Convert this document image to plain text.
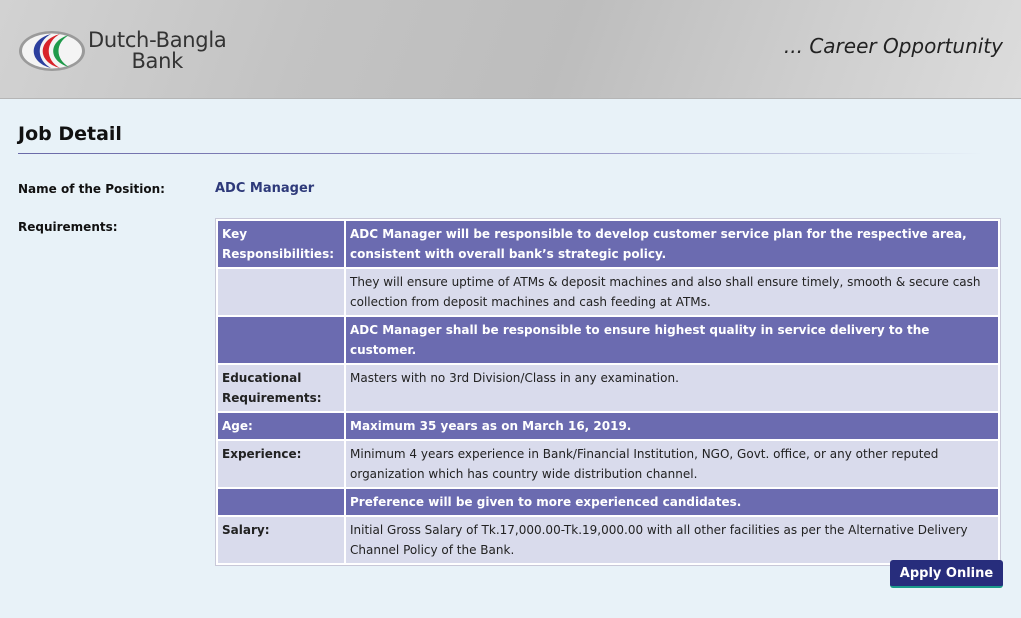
Dutch-Bangla
Bank
... Career Opportunity
Job Detail
Name of the Position:	ADC Manager
Requirements:	Key Responsibilities:	ADC Manager will be responsible to develop customer service plan for the respective area, consistent with overall bank’s strategic policy.
	They will ensure uptime of ATMs & deposit machines and also shall ensure timely, smooth & secure cash collection from deposit machines and cash feeding at ATMs.
	ADC Manager shall be responsible to ensure highest quality in service delivery to the customer.
Educational Requirements:	Masters with no 3rd Division/Class in any examination.
Age:	Maximum 35 years as on March 16, 2019.
Experience:	Minimum 4 years experience in Bank/Financial Institution, NGO, Govt. office, or any other reputed organization which has country wide distribution channel.
	Preference will be given to more experienced candidates.
Salary:	Initial Gross Salary of Tk.17,000.00-Tk.19,000.00 with all other facilities as per the Alternative Delivery Channel Policy of the Bank.
Apply Online
